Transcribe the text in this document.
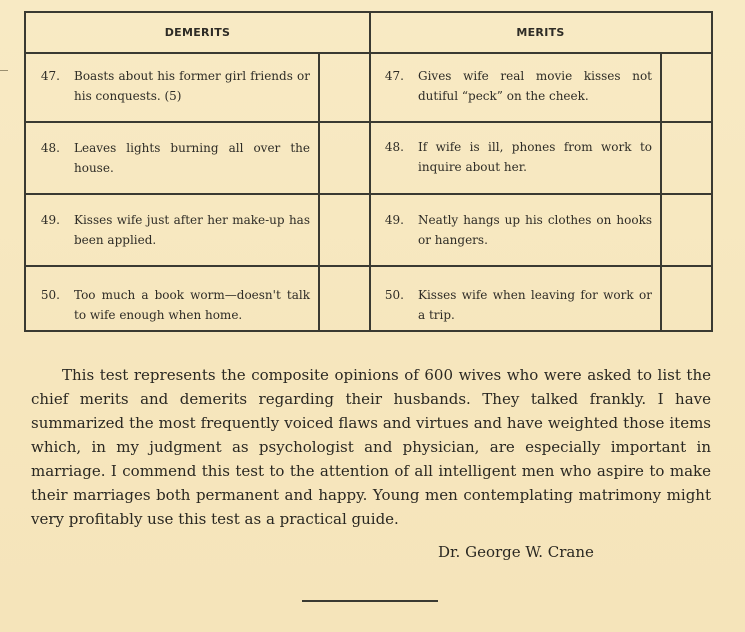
DEMERITS	MERITS
47. Boasts about his former girl friends or his conquests. (5)
47. Gives wife real movie kisses not dutiful “peck” on the cheek.
48. Leaves lights burning all over the house.
48. If wife is ill, phones from work to inquire about her.
49. Kisses wife just after her make-up has been applied.
49. Neatly hangs up his clothes on hooks or hangers.
50. Too much a book worm—doesn't talk to wife enough when home.
50. Kisses wife when leaving for work or a trip.

This test represents the composite opinions of 600 wives who were asked to list the chief merits and demerits regarding their husbands. They talked frankly. I have summarized the most frequently voiced flaws and virtues and have weighted those items which, in my judgment as psychologist and physician, are especially important in marriage. I commend this test to the attention of all intelligent men who aspire to make their marriages both permanent and happy. Young men contemplating matrimony might very profitably use this test as a practical guide.

Dr. George W. Crane
